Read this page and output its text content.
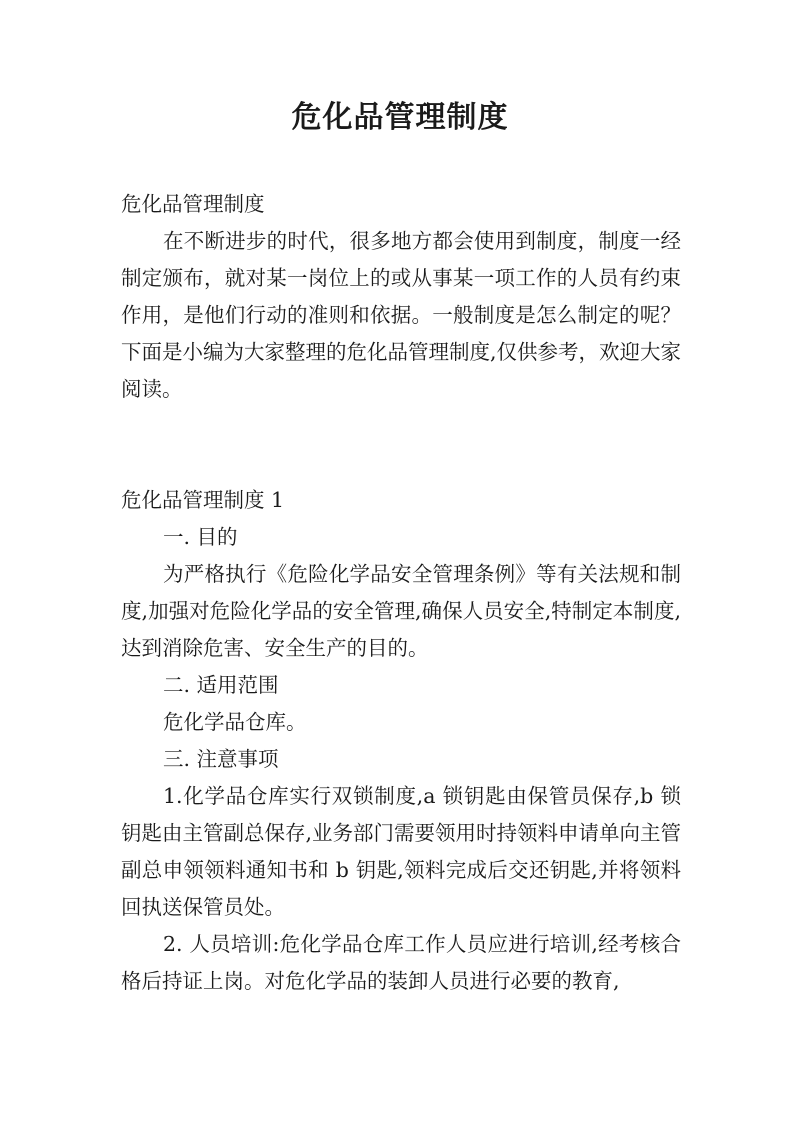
危化品管理制度

危化品管理制度

在不断进步的时代，很多地方都会使用到制度，制度一经制定颁布，就对某一岗位上的或从事某一项工作的人员有约束作用，是他们行动的准则和依据。一般制度是怎么制定的呢？下面是小编为大家整理的危化品管理制度,仅供参考，欢迎大家阅读。

危化品管理制度 1

一. 目的

为严格执行《危险化学品安全管理条例》等有关法规和制度,加强对危险化学品的安全管理,确保人员安全,特制定本制度,达到消除危害、安全生产的目的。

二. 适用范围

危化学品仓库。

三. 注意事项

1.化学品仓库实行双锁制度,a 锁钥匙由保管员保存,b 锁钥匙由主管副总保存,业务部门需要领用时持领料申请单向主管副总申领领料通知书和 b 钥匙,领料完成后交还钥匙,并将领料回执送保管员处。

2. 人员培训:危化学品仓库工作人员应进行培训,经考核合格后持证上岗。对危化学品的装卸人员进行必要的教育,
